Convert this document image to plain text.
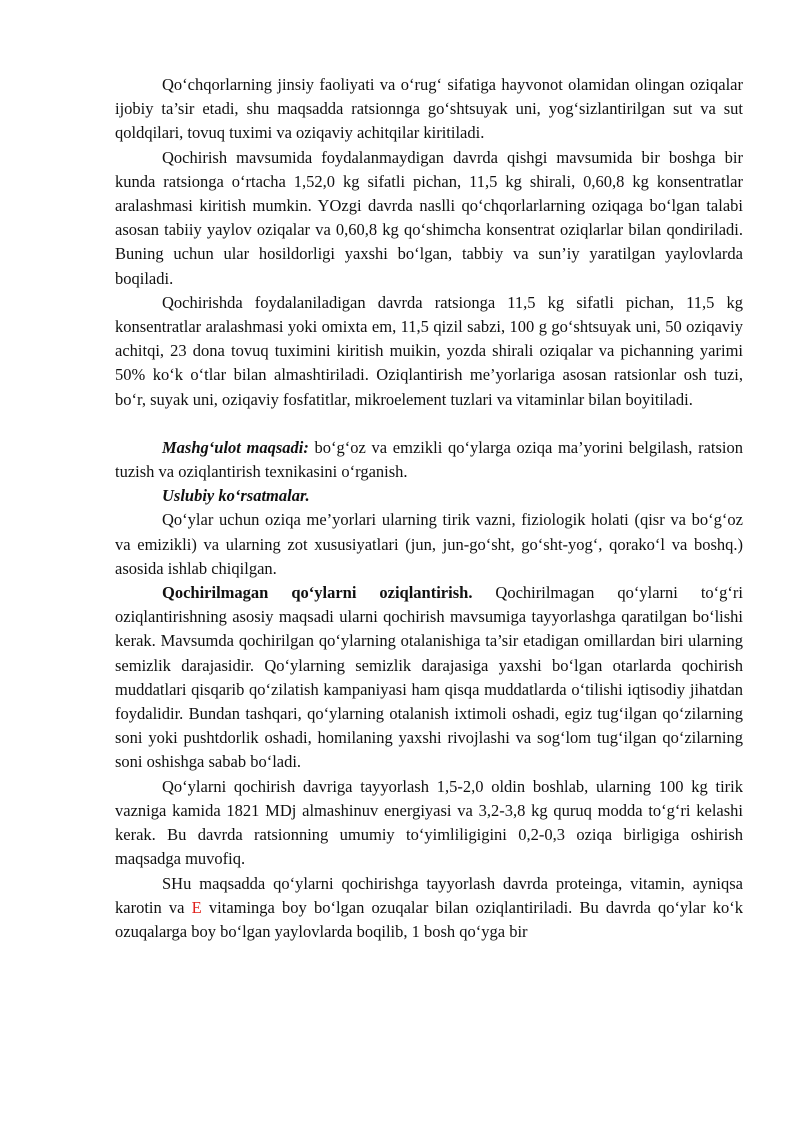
Qo‘chqorlarning jinsiy faoliyati va o‘rug‘ sifatiga hayvonot olamidan olingan oziqalar ijobiy ta’sir etadi, shu maqsadda ratsionnga go‘shtsuyak uni, yog‘sizlantirilgan sut va sut qoldqilari, tovuq tuximi va oziqaviy achitqilar kiritiladi.

Qochirish mavsumida foydalanmaydigan davrda qishgi mavsumida bir boshga bir kunda ratsionga o‘rtacha 1,52,0 kg sifatli pichan, 11,5 kg shirali, 0,60,8 kg konsentratlar aralashmasi kiritish mumkin. YOzgi davrda naslli qo‘chqorlarlarning oziqaga bo‘lgan talabi asosan tabiiy yaylov oziqalar va 0,60,8 kg qo‘shimcha konsentrat oziqlarlar bilan qondiriladi. Buning uchun ular hosildorligi yaxshi bo‘lgan, tabbiy va sun’iy yaratilgan yaylovlarda boqiladi.

Qochirishda foydalaniladigan davrda ratsionga 11,5 kg sifatli pichan, 11,5 kg konsentratlar aralashmasi yoki omixta em, 11,5 qizil sabzi, 100 g go‘shtsuyak uni, 50 oziqaviy achitqi, 23 dona tovuq tuximini kiritish muikin, yozda shirali oziqalar va pichanning yarimi 50% ko‘k o‘tlar bilan almashtiriladi. Oziqlantirish me’yorlariga asosan ratsionlar osh tuzi, bo‘r, suyak uni, oziqaviy fosfatitlar, mikroelement tuzlari va vitaminlar bilan boyitiladi.

Mashg‘ulot maqsadi: bo‘g‘oz va emzikli qo‘ylarga oziqa ma’yorini belgilash, ratsion tuzish va oziqlantirish texnikasini o‘rganish.

Uslubiy ko‘rsatmalar.

Qo‘ylar uchun oziqa me’yorlari ularning tirik vazni, fiziologik holati (qisr va bo‘g‘oz va emizikli) va ularning zot xususiyatlari (jun, jun-go‘sht, go‘sht-yog‘, qorako‘l va boshq.) asosida ishlab chiqilgan.

Qochirilmagan qo‘ylarni oziqlantirish. Qochirilmagan qo‘ylarni to‘g‘ri oziqlantirishning asosiy maqsadi ularni qochirish mavsumiga tayyorlashga qaratilgan bo‘lishi kerak. Mavsumda qochirilgan qo‘ylarning otalanishiga ta’sir etadigan omillardan biri ularning semizlik darajasidir. Qo‘ylarning semizlik darajasiga yaxshi bo‘lgan otarlarda qochirish muddatlari qisqarib qo‘zilatish kampaniyasi ham qisqa muddatlarda o‘tilishi iqtisodiy jihatdan foydalidir. Bundan tashqari, qo‘ylarning otalanish ixtimoli oshadi, egiz tug‘ilgan qo‘zilarning soni yoki pushtdorlik oshadi, homilaning yaxshi rivojlashi va sog‘lom tug‘ilgan qo‘zilarning soni oshishga sabab bo‘ladi.

Qo‘ylarni qochirish davriga tayyorlash 1,5-2,0 oldin boshlab, ularning 100 kg tirik vazniga kamida 1821 MDj almashinuv energiyasi va 3,2-3,8 kg quruq modda to‘g‘ri kelashi kerak. Bu davrda ratsionning umumiy to‘yimliligigini 0,2-0,3 oziqa birligiga oshirish maqsadga muvofiq.

SHu maqsadda qo‘ylarni qochirishga tayyorlash davrda proteinga, vitamin, ayniqsa karotin va E vitaminga boy bo‘lgan ozuqalar bilan oziqlantiriladi. Bu davrda qo‘ylar ko‘k ozuqalarga boy bo‘lgan yaylovlarda boqilib, 1 bosh qo‘yga bir
